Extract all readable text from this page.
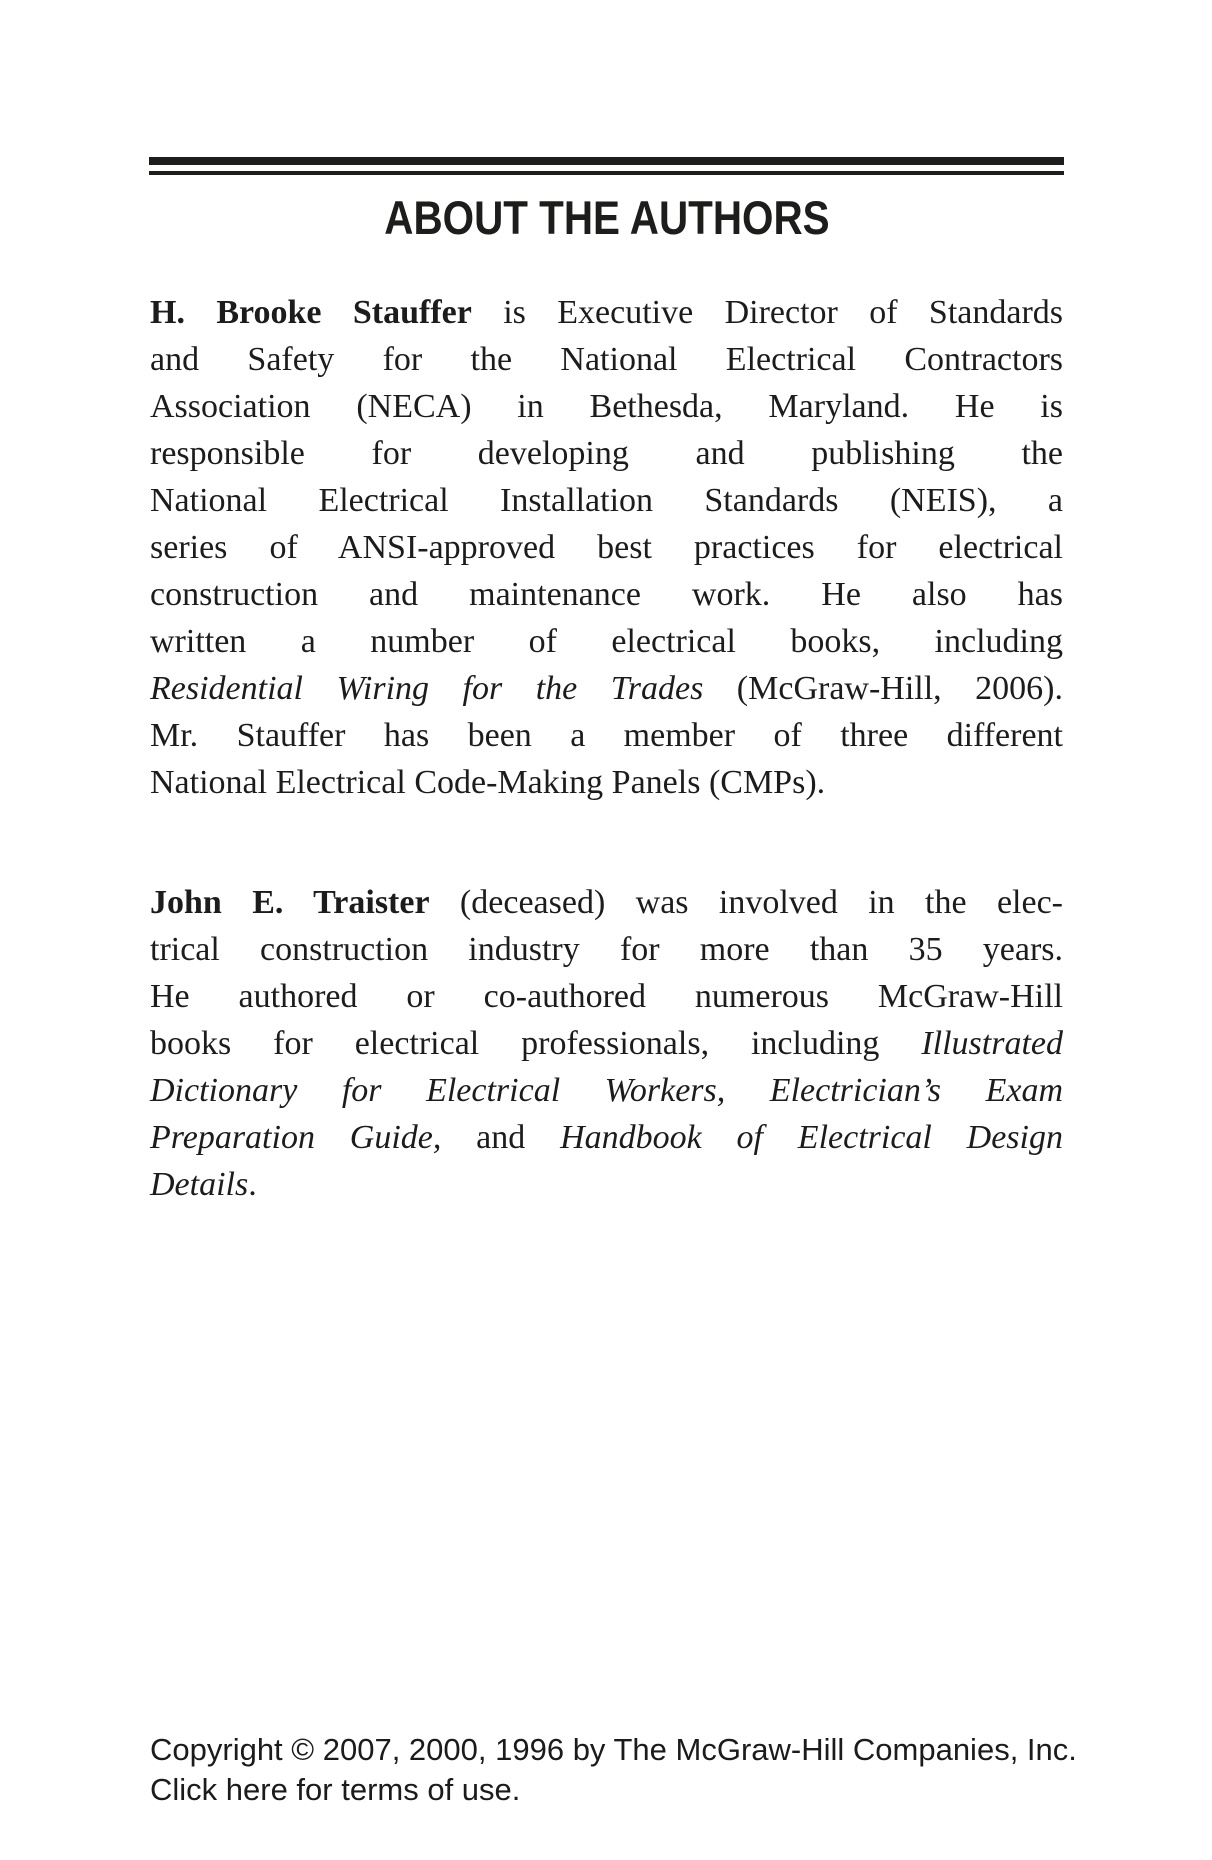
ABOUT THE AUTHORS
H. Brooke Stauffer is Executive Director of Standards
and Safety for the National Electrical Contractors
Association (NECA) in Bethesda, Maryland. He is
responsible for developing and publishing the
National Electrical Installation Standards (NEIS), a
series of ANSI-approved best practices for electrical
construction and maintenance work. He also has
written a number of electrical books, including
Residential Wiring for the Trades (McGraw-Hill, 2006).
Mr. Stauffer has been a member of three different
National Electrical Code-Making Panels (CMPs).
John E. Traister (deceased) was involved in the elec-
trical construction industry for more than 35 years.
He authored or co-authored numerous McGraw-Hill
books for electrical professionals, including Illustrated
Dictionary for Electrical Workers, Electrician’s Exam
Preparation Guide, and Handbook of Electrical Design
Details.
Copyright © 2007, 2000, 1996 by The McGraw-Hill Companies, Inc.
Click here for terms of use.
